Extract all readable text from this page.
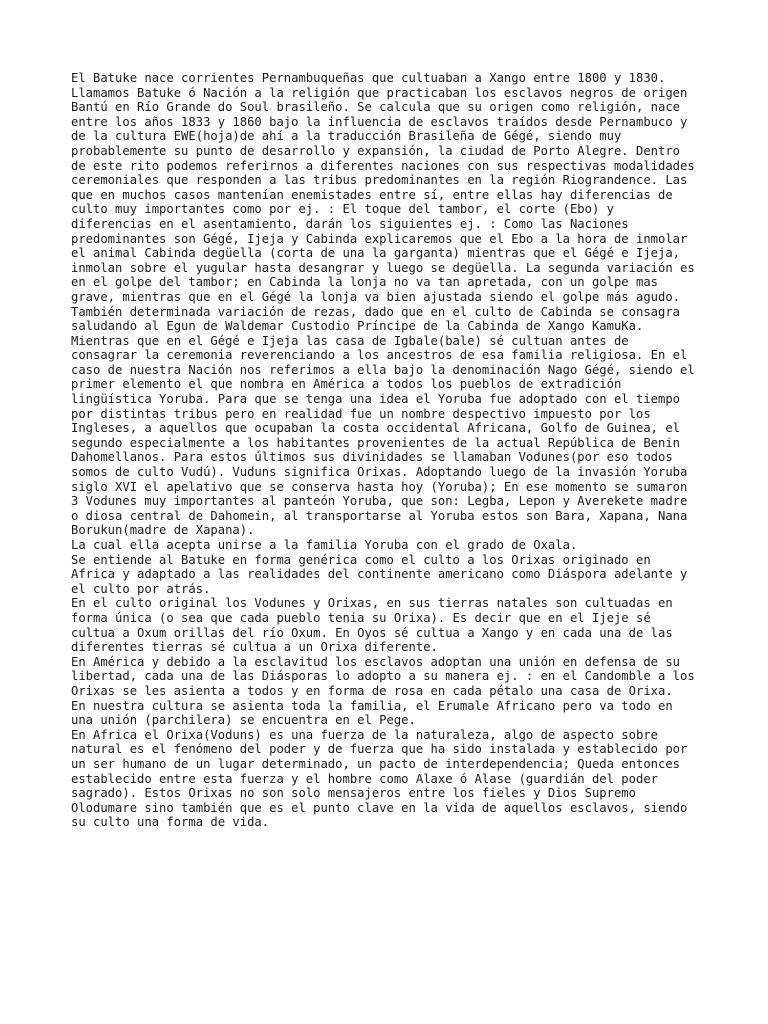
El Batuke nace corrientes Pernambuqueñas que cultuaban a Xango entre 1800 y 1830. Llamamos Batuke ó Nación a la religión que practicaban los esclavos negros de origen Bantú en Río Grande do Soul brasileño. Se calcula que su origen como religión, nace entre los años 1833 y 1860 bajo la influencia de esclavos traídos desde Pernambuco y de la cultura EWE(hoja)de ahí a la traducción Brasileña de Gégé, siendo muy probablemente su punto de desarrollo y expansión, la ciudad de Porto Alegre. Dentro de este rito podemos referirnos a diferentes naciones con sus respectivas modalidades ceremoniales que responden a las tribus predominantes en la región Riograndence. Las que en muchos casos mantenían enemistades entre sí, entre ellas hay diferencias de culto muy importantes como por ej. : El toque del tambor, el corte (Ebo) y diferencias en el asentamiento, darán los siguientes ej. : Como las Naciones predominantes son Gégé, Ijeja y Cabinda explicaremos que el Ebo a la hora de inmolar el animal Cabinda degüella (corta de una la garganta) mientras que el Gégé e Ijeja, inmolan sobre el yugular hasta desangrar y luego se degüella. La segunda variación es en el golpe del tambor; en Cabinda la lonja no va tan apretada, con un golpe mas grave, mientras que en el Gégé la lonja va bien ajustada siendo el golpe más agudo. También determinada variación de rezas, dado que en el culto de Cabinda se consagra saludando al Egun de Waldemar Custodio Príncipe de la Cabinda de Xango KamuKa. Mientras que en el Gégé e Ijeja las casa de Igbale(bale) sé cultuan antes de consagrar la ceremonia reverenciando a los ancestros de esa familia religiosa. En el caso de nuestra Nación nos referimos a ella bajo la denominación Nago Gégé, siendo el primer elemento el que nombra en América a todos los pueblos de extradición lingüística Yoruba. Para que se tenga una idea el Yoruba fue adoptado con el tiempo por distintas tribus pero en realidad fue un nombre despectivo impuesto por los Ingleses, a aquellos que ocupaban la costa occidental Africana, Golfo de Guinea, el segundo especialmente a los habitantes provenientes de la actual República de Benin Dahomellanos. Para estos últimos sus divinidades se llamaban Vodunes(por eso todos somos de culto Vudú). Vuduns significa Orixas. Adoptando luego de la invasión Yoruba siglo XVI el apelativo que se conserva hasta hoy (Yoruba); En ese momento se sumaron 3 Vodunes muy importantes al panteón Yoruba, que son: Legba, Lepon y Averekete madre o diosa central de Dahomein, al transportarse al Yoruba estos son Bara, Xapana, Nana Borukun(madre de Xapana).

La cual ella acepta unirse a la familia Yoruba con el grado de Oxala.

Se entiende al Batuke en forma genérica como el culto a los Orixas originado en Africa y adaptado a las realidades del continente americano como Diáspora adelante y el culto por atrás.

En el culto original los Vodunes y Orixas, en sus tierras natales son cultuadas en forma única (o sea que cada pueblo tenia su Orixa). Es decir que en el Ijeje sé cultua a Oxum orillas del río Oxum. En Oyos sé cultua a Xango y en cada una de las diferentes tierras sé cultua a un Orixa diferente.

En América y debido a la esclavitud los esclavos adoptan una unión en defensa de su libertad, cada una de las Diásporas lo adopto a su manera ej. : en el Candomble a los Orixas se les asienta a todos y en forma de rosa en cada pétalo una casa de Orixa.

En nuestra cultura se asienta toda la familia, el Erumale Africano pero va todo en una unión (parchilera) se encuentra en el Pege.

En Africa el Orixa(Voduns) es una fuerza de la naturaleza, algo de aspecto sobre natural es el fenómeno del poder y de fuerza que ha sido instalada y establecido por un ser humano de un lugar determinado, un pacto de interdependencia; Queda entonces establecido entre esta fuerza y el hombre como Alaxe ó Alase (guardián del poder sagrado). Estos Orixas no son solo mensajeros entre los fieles y Dios Supremo Olodumare sino también que es el punto clave en la vida de aquellos esclavos, siendo su culto una forma de vida.
